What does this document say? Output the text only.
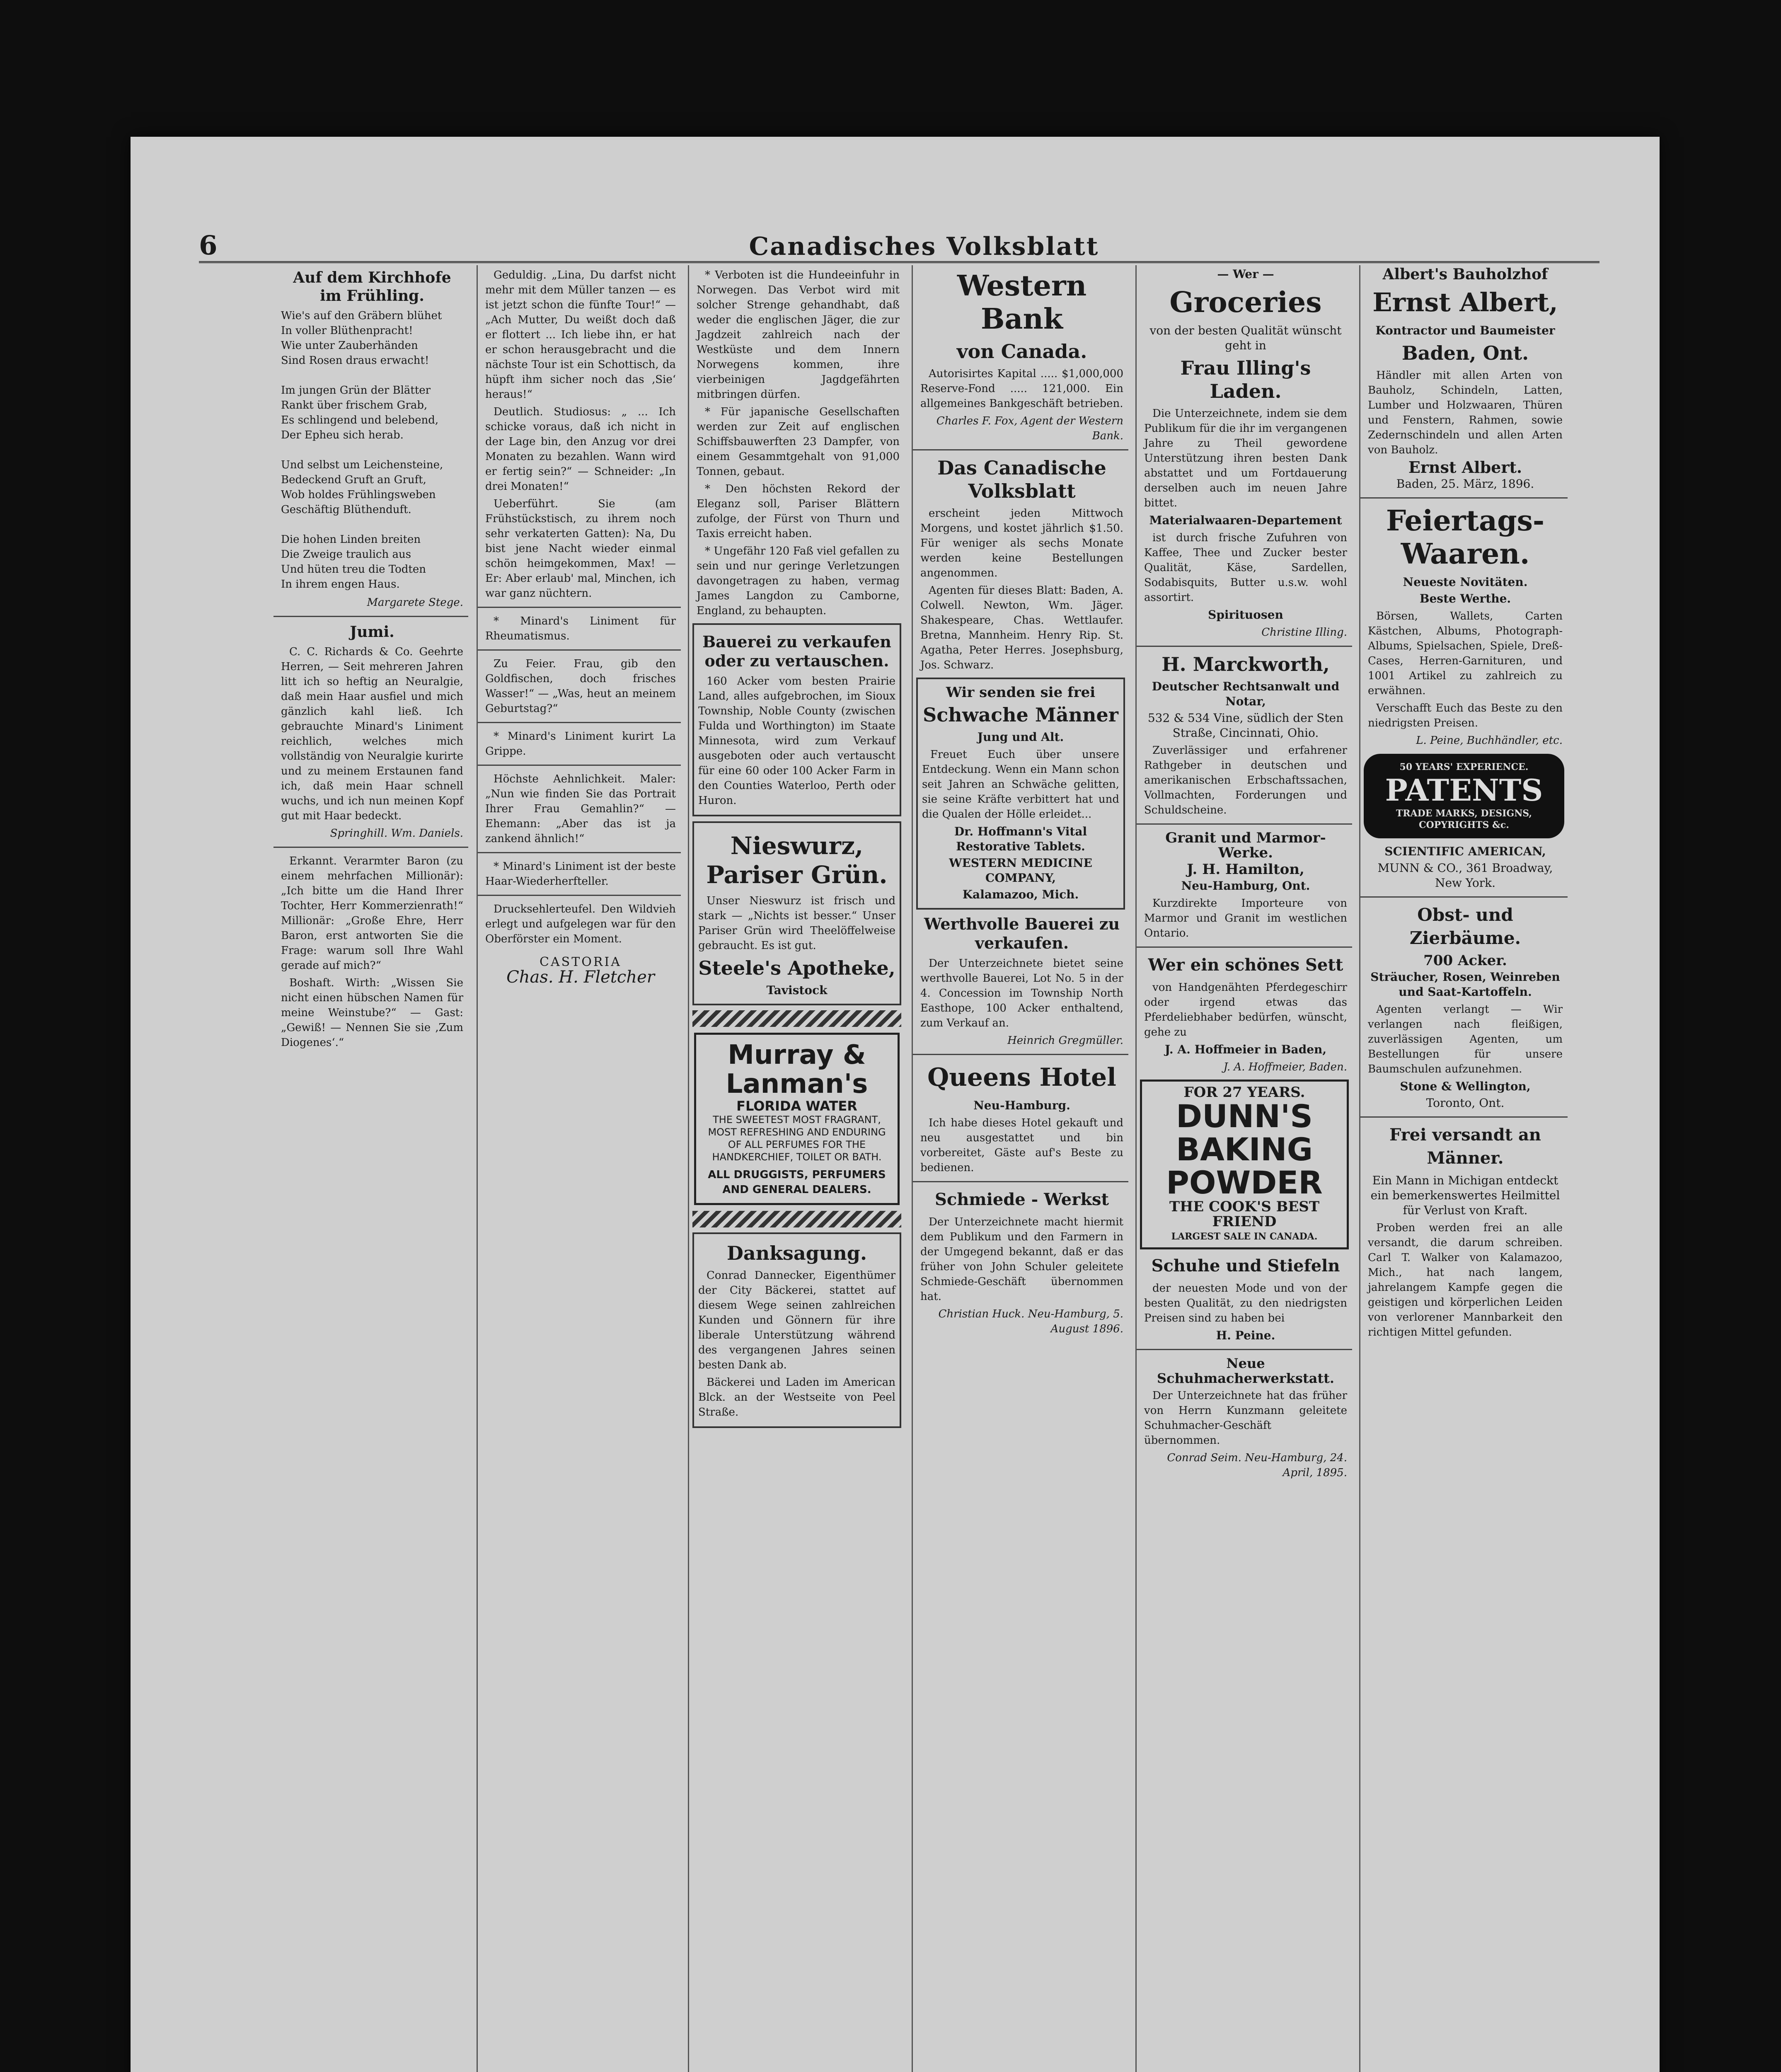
6	Canadisches Volksblatt
Auf dem Kirchhofe im Frühling.

Wie's auf den Gräbern blühet

In voller Blüthenpracht!

Wie unter Zauberhänden

Sind Rosen draus erwacht!

Im jungen Grün der Blätter

Rankt über frischem Grab,

Es schlingend und belebend,

Der Epheu sich herab.

Und selbst um Leichensteine,

Bedeckend Gruft an Gruft,

Wob holdes Frühlingsweben

Geschäftig Blüthenduft.

Die hohen Linden breiten

Die Zweige traulich aus

Und hüten treu die Todten

In ihrem engen Haus.

Margarete Stege.
Jumi.
C. C. Richards & Co. Geehrte Herren, — Seit mehreren Jahren litt ich so heftig an Neuralgie, daß mein Haar ausfiel und mich gänzlich kahl ließ. Ich gebrauchte Minard's Liniment reichlich, welches mich vollständig von Neuralgie kurirte und zu meinem Erstaunen fand ich, daß mein Haar schnell wuchs, und ich nun meinen Kopf gut mit Haar bedeckt.
Springhill. Wm. Daniels.
Erkannt. Verarmter Baron (zu einem mehrfachen Millionär): „Ich bitte um die Hand Ihrer Tochter, Herr Kommerzienrath!“ Millionär: „Große Ehre, Herr Baron, erst antworten Sie die Frage: warum soll Ihre Wahl gerade auf mich?“
Boshaft. Wirth: „Wissen Sie nicht einen hübschen Namen für meine Weinstube?“ — Gast: „Gewiß! — Nennen Sie sie ‚Zum Diogenes‘.“
Geduldig. „Lina, Du darfst nicht mehr mit dem Müller tanzen — es ist jetzt schon die fünfte Tour!“ — „Ach Mutter, Du weißt doch daß er flottert ... Ich liebe ihn, er hat er schon herausgebracht und die nächste Tour ist ein Schottisch, da hüpft ihm sicher noch das ‚Sie‘ heraus!“
Deutlich. Studiosus: „ ... Ich schicke voraus, daß ich nicht in der Lage bin, den Anzug vor drei Monaten zu bezahlen. Wann wird er fertig sein?“ — Schneider: „In drei Monaten!“
Ueberführt. Sie (am Frühstückstisch, zu ihrem noch sehr verkaterten Gatten): Na, Du bist jene Nacht wieder einmal schön heimgekommen, Max! — Er: Aber erlaub' mal, Minchen, ich war ganz nüchtern.
* Minard's Liniment für Rheumatismus.
Zu Feier. Frau, gib den Goldfischen, doch frisches Wasser!“ — „Was, heut an meinem Geburtstag?“
* Minard's Liniment kurirt La Grippe.
Höchste Aehnlichkeit. Maler: „Nun wie finden Sie das Portrait Ihrer Frau Gemahlin?“ — Ehemann: „Aber das ist ja zankend ähnlich!“
* Minard's Liniment ist der beste Haar-Wiederherfteller.
Drucksehlerteufel. Den Wildvieh erlegt und aufgelegen war für den Oberförster ein Moment.
CASTORIA
Chas. H. Fletcher
* Verboten ist die Hundeeinfuhr in Norwegen. Das Verbot wird mit solcher Strenge gehandhabt, daß weder die englischen Jäger, die zur Jagdzeit zahlreich nach der Westküste und dem Innern Norwegens kommen, ihre vierbeinigen Jagdgefährten mitbringen dürfen.
* Für japanische Gesellschaften werden zur Zeit auf englischen Schiffsbauwerften 23 Dampfer, von einem Gesammtgehalt von 91,000 Tonnen, gebaut.
* Den höchsten Rekord der Eleganz soll, Pariser Blättern zufolge, der Fürst von Thurn und Taxis erreicht haben.
* Ungefähr 120 Faß viel gefallen zu sein und nur geringe Verletzungen davongetragen zu haben, vermag James Langdon zu Camborne, England, zu behaupten.
Bauerei zu verkaufen oder zu vertauschen.
160 Acker vom besten Prairie Land, alles aufgebrochen, im Sioux Township, Noble County (zwischen Fulda und Worthington) im Staate Minnesota, wird zum Verkauf ausgeboten oder auch vertauscht für eine 60 oder 100 Acker Farm in den Counties Waterloo, Perth oder Huron.
Nieswurz, Pariser Grün.
Unser Nieswurz ist frisch und stark — „Nichts ist besser.“ Unser Pariser Grün wird Theelöffelweise gebraucht. Es ist gut.
Steele's Apotheke,
Tavistock
Murray & Lanman's
FLORIDA WATER
THE SWEETEST MOST FRAGRANT, MOST REFRESHING AND ENDURING OF ALL PERFUMES FOR THE HANDKERCHIEF, TOILET OR BATH.
ALL DRUGGISTS, PERFUMERS AND GENERAL DEALERS.
Danksagung.
Conrad Dannecker, Eigenthümer der City Bäckerei, stattet auf diesem Wege seinen zahlreichen Kunden und Gönnern für ihre liberale Unterstützung während des vergangenen Jahres seinen besten Dank ab.
Bäckerei und Laden im American Blck. an der Westseite von Peel Straße.
Western Bank
von Canada.
Autorisirtes Kapital ..... $1,000,000 Reserve-Fond ..... 121,000. Ein allgemeines Bankgeschäft betrieben.
Charles F. Fox, Agent der Western Bank.
Das Canadische Volksblatt
erscheint jeden Mittwoch Morgens, und kostet jährlich $1.50. Für weniger als sechs Monate werden keine Bestellungen angenommen.
Agenten für dieses Blatt: Baden, A. Colwell. Newton, Wm. Jäger. Shakespeare, Chas. Wettlaufer. Bretna, Mannheim. Henry Rip. St. Agatha, Peter Herres. Josephsburg, Jos. Schwarz.
Wir senden sie frei
Schwache Männer
Jung und Alt.
Freuet Euch über unsere Entdeckung. Wenn ein Mann schon seit Jahren an Schwäche gelitten, sie seine Kräfte verbittert hat und die Qualen der Hölle erleidet...
Dr. Hoffmann's Vital Restorative Tablets.
WESTERN MEDICINE COMPANY,
Kalamazoo, Mich.
Werthvolle Bauerei zu verkaufen.
Der Unterzeichnete bietet seine werthvolle Bauerei, Lot No. 5 in der 4. Concession im Township North Easthope, 100 Acker enthaltend, zum Verkauf an.
Heinrich Gregmüller.
Queens Hotel
Neu-Hamburg.
Ich habe dieses Hotel gekauft und neu ausgestattet und bin vorbereitet, Gäste auf's Beste zu bedienen.
Schmiede - Werkst
Der Unterzeichnete macht hiermit dem Publikum und den Farmern in der Umgegend bekannt, daß er das früher von John Schuler geleitete Schmiede-Geschäft übernommen hat.
Christian Huck. Neu-Hamburg, 5. August 1896.
— Wer —
Groceries
von der besten Qualität wünscht geht in
Frau Illing's Laden.
Die Unterzeichnete, indem sie dem Publikum für die ihr im vergangenen Jahre zu Theil gewordene Unterstützung ihren besten Dank abstattet und um Fortdauerung derselben auch im neuen Jahre bittet.
Materialwaaren-Departement
ist durch frische Zufuhren von Kaffee, Thee und Zucker bester Qualität, Käse, Sardellen, Sodabisquits, Butter u.s.w. wohl assortirt.
Spirituosen
Christine Illing.
H. Marckworth,
Deutscher Rechtsanwalt und Notar,
532 & 534 Vine, südlich der Sten Straße, Cincinnati, Ohio.
Zuverlässiger und erfahrener Rathgeber in deutschen und amerikanischen Erbschaftssachen, Vollmachten, Forderungen und Schuldscheine.
Granit und Marmor-Werke.
J. H. Hamilton,
Neu-Hamburg, Ont.
Kurzdirekte Importeure von Marmor und Granit im westlichen Ontario.
Wer ein schönes Sett
von Handgenähten Pferdegeschirr oder irgend etwas das Pferdeliebhaber bedürfen, wünscht, gehe zu
J. A. Hoffmeier in Baden,
J. A. Hoffmeier, Baden.
FOR 27 YEARS.
DUNN'S BAKING POWDER
THE COOK'S BEST FRIEND
LARGEST SALE IN CANADA.
Schuhe und Stiefeln
der neuesten Mode und von der besten Qualität, zu den niedrigsten Preisen sind zu haben bei
H. Peine.
Neue Schuhmacherwerkstatt.
Der Unterzeichnete hat das früher von Herrn Kunzmann geleitete Schuhmacher-Geschäft übernommen.
Conrad Seim. Neu-Hamburg, 24. April, 1895.
Albert's Bauholzhof
Ernst Albert,
Kontractor und Baumeister
Baden, Ont.
Händler mit allen Arten von Bauholz, Schindeln, Latten, Lumber und Holzwaaren, Thüren und Fenstern, Rahmen, sowie Zedernschindeln und allen Arten von Bauholz.
Ernst Albert.
Baden, 25. März, 1896.
Feiertags-Waaren.
Neueste Novitäten.
Beste Werthe.
Börsen, Wallets, Carten Kästchen, Albums, Photograph-Albums, Spielsachen, Spiele, Dreß-Cases, Herren-Garnituren, und 1001 Artikel zu zahlreich zu erwähnen.
Verschafft Euch das Beste zu den niedrigsten Preisen.
L. Peine, Buchhändler, etc.
50 YEARS' EXPERIENCE.
PATENTS
TRADE MARKS, DESIGNS, COPYRIGHTS &c.
SCIENTIFIC AMERICAN,
MUNN & CO., 361 Broadway, New York.
Obst- und Zierbäume.
700 Acker.
Sträucher, Rosen, Weinreben und Saat-Kartoffeln.
Agenten verlangt — Wir verlangen nach fleißigen, zuverlässigen Agenten, um Bestellungen für unsere Baumschulen aufzunehmen.
Stone & Wellington,
Toronto, Ont.
Frei versandt an Männer.
Ein Mann in Michigan entdeckt ein bemerkenswertes Heilmittel für Verlust von Kraft.
Proben werden frei an alle versandt, die darum schreiben. Carl T. Walker von Kalamazoo, Mich., hat nach langem, jahrelangem Kampfe gegen die geistigen und körperlichen Leiden von verlorener Mannbarkeit den richtigen Mittel gefunden.
